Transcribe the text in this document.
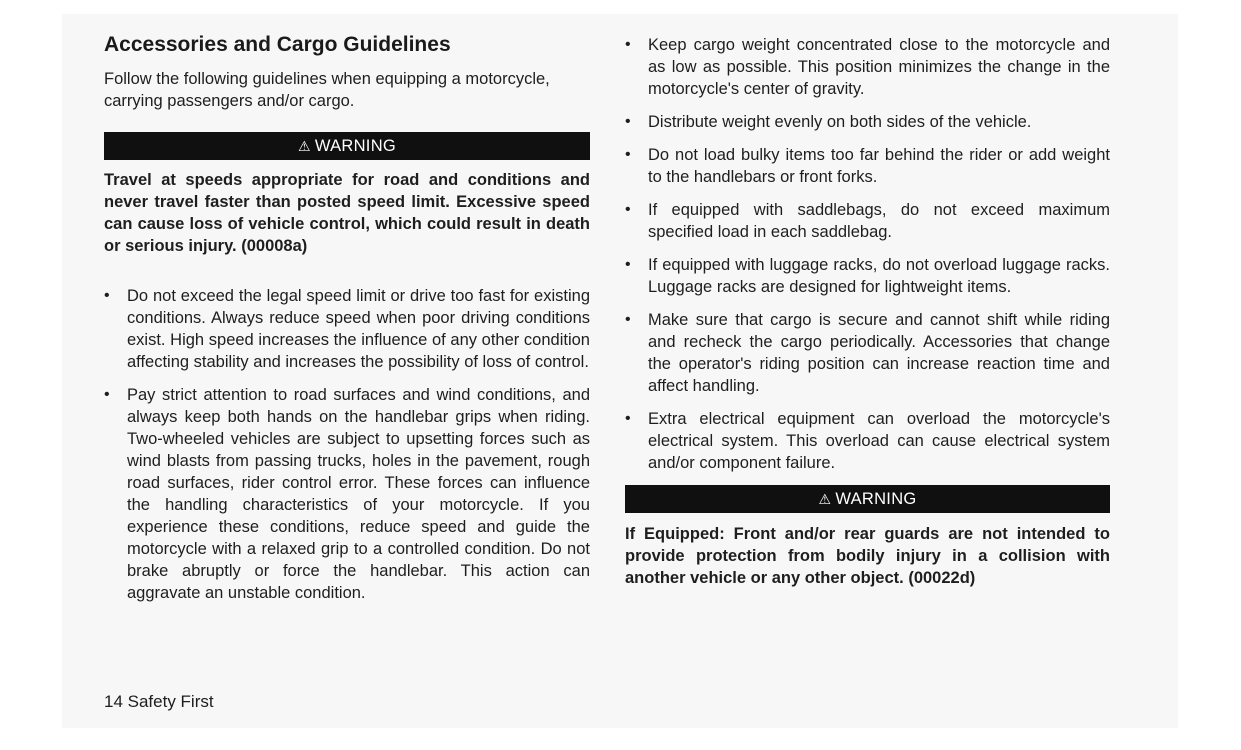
Accessories and Cargo Guidelines

Follow the following guidelines when equipping a motorcycle, carrying passengers and/or cargo.

⚠ WARNING

Travel at speeds appropriate for road and conditions and never travel faster than posted speed limit. Excessive speed can cause loss of vehicle control, which could result in death or serious injury. (00008a)

• Do not exceed the legal speed limit or drive too fast for existing conditions. Always reduce speed when poor driving conditions exist. High speed increases the influence of any other condition affecting stability and increases the possibility of loss of control.
• Pay strict attention to road surfaces and wind conditions, and always keep both hands on the handlebar grips when riding. Two-wheeled vehicles are subject to upsetting forces such as wind blasts from passing trucks, holes in the pavement, rough road surfaces, rider control error. These forces can influence the handling characteristics of your motorcycle. If you experience these conditions, reduce speed and guide the motorcycle with a relaxed grip to a controlled condition. Do not brake abruptly or force the handlebar. This action can aggravate an unstable condition.
• Keep cargo weight concentrated close to the motorcycle and as low as possible. This position minimizes the change in the motorcycle's center of gravity.
• Distribute weight evenly on both sides of the vehicle.
• Do not load bulky items too far behind the rider or add weight to the handlebars or front forks.
• If equipped with saddlebags, do not exceed maximum specified load in each saddlebag.
• If equipped with luggage racks, do not overload luggage racks. Luggage racks are designed for lightweight items.
• Make sure that cargo is secure and cannot shift while riding and recheck the cargo periodically. Accessories that change the operator's riding position can increase reaction time and affect handling.
• Extra electrical equipment can overload the motorcycle's electrical system. This overload can cause electrical system and/or component failure.
⚠ WARNING

If Equipped: Front and/or rear guards are not intended to provide protection from bodily injury in a collision with another vehicle or any other object. (00022d)

14 Safety First
